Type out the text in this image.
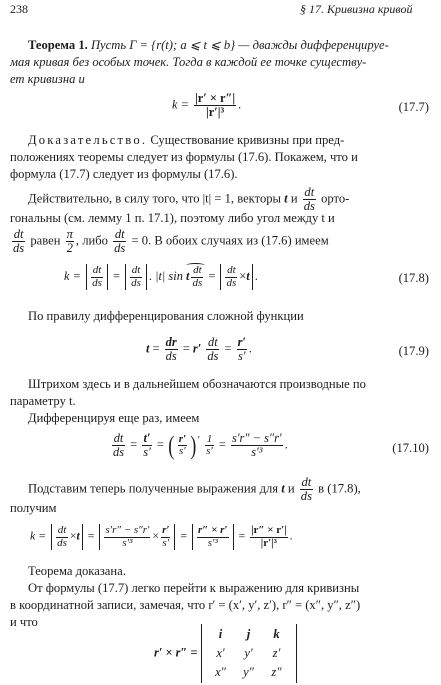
238	§ 17. Кривизна кривой
Теорема 1. Пусть Γ = {r(t); a ⩽ t ⩽ b} — дважды дифференцируе-
мая кривая без особых точек. Тогда в каждой ее точке существу-
ет кривизна и
$k = \frac{|r' \times r''|}{\text{|r′|³}}$ .	(17.7)
Доказательство. Существование кривизны при пред-
положениях теоремы следует из формулы (17.6). Покажем, что и
формула (17.7) следует из формулы (17.6).
Действительно, в силу того, что |t| = 1, векторы t и $\frac{dt}{ds}$ орто-
гональны (см. лемму 1 п. 17.1), поэтому либо угол между t и
$\frac{dt}{ds}$ равен $\frac{\pi}{2}$ , либо $\frac{dt}{ds} = 0$. В обоих случаях из (17.6) имеем
$k = \frac{dt}{ds} = \frac{dt}{ds}$ . |t| sin t $\frac{dt}{ds} = \frac{dt}{ds} \times t$ .	(17.8)
По правилу дифференцирования сложной функции
$t = \frac{dr}{ds} = r' \frac{dt}{ds} = \frac{r'}{s'}$ .	(17.9)
Штрихом здесь и в дальнейшем обозначаются производные по
параметру t.
Дифференцируя еще раз, имеем
$\frac{dt}{ds} = \frac{t'}{s'}$ = ( $\frac{r'}{s'} )' \frac{1}{s'} = \frac{s'r'' - s''r'}{\text{s′³}}$ .	(17.10)
Подставим теперь полученные выражения для t и $\frac{dt}{ds}$ в (17.8),
получим
$k = \frac{dt}{ds} \times t = \frac{s'r'' - s''r'}{\text{s′³}} \times \frac{r'}{s'} = \frac{r'' \times r'}{\text{s′³}} = \frac{|r'' \times r'|}{\text{|r′|³}}$ .
Теорема доказана.
От формулы (17.7) легко перейти к выражению для кривизны
в координатной записи, замечая, что r′ = (x′, y′, z′), r″ = (x″, y″, z″)
и что
r′ × r″ =
i	j	k
x′	y′	z′
x″	y″	z″
